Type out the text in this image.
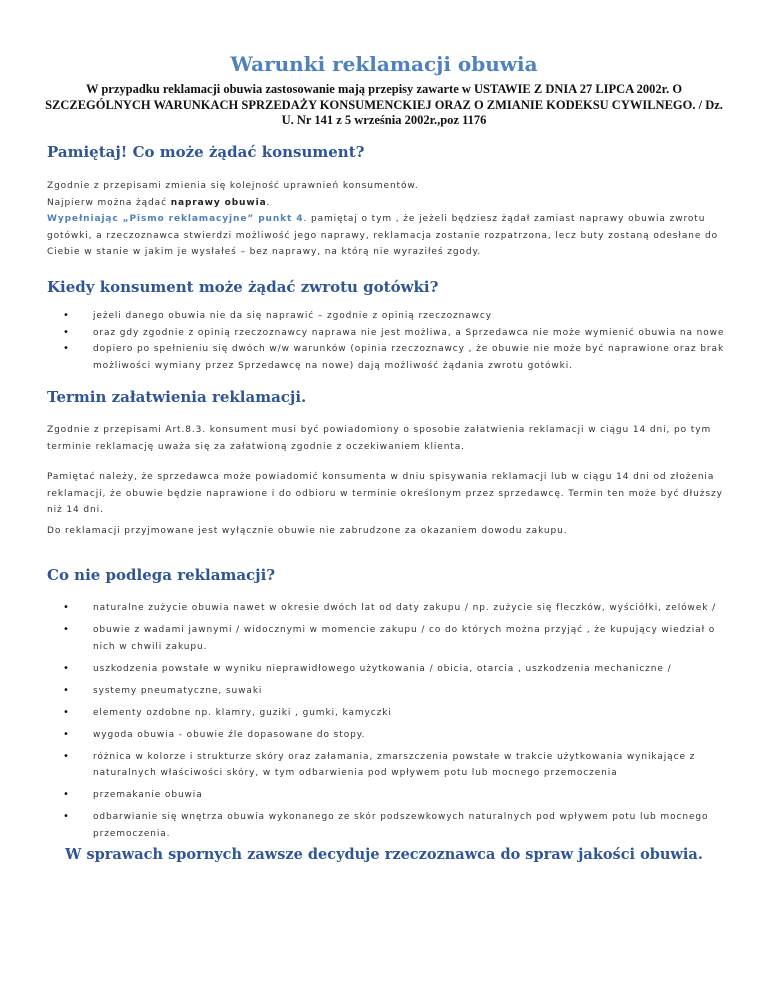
Warunki reklamacji obuwia
W przypadku reklamacji obuwia zastosowanie mają przepisy zawarte w USTAWIE Z DNIA 27 LIPCA 2002r. O SZCZEGÓLNYCH WARUNKACH SPRZEDAŻY KONSUMENCKIEJ ORAZ O ZMIANIE KODEKSU CYWILNEGO. / Dz. U. Nr 141 z 5 września 2002r.,poz 1176
Pamiętaj! Co może żądać konsument?
Zgodnie z przepisami zmienia się kolejność uprawnień konsumentów.
Najpierw można żądać naprawy obuwia.
Wypełniając „Pismo reklamacyjne” punkt 4. pamiętaj o tym , że jeżeli będziesz żądał zamiast naprawy obuwia zwrotu gotówki, a rzeczoznawca stwierdzi możliwość jego naprawy, reklamacja zostanie rozpatrzona, lecz buty zostaną odesłane do Ciebie w stanie w jakim je wysłałeś – bez naprawy, na którą nie wyraziłeś zgody.
Kiedy konsument może żądać zwrotu gotówki?
• jeżeli danego obuwia nie da się naprawić – zgodnie z opinią rzeczoznawcy
• oraz gdy zgodnie z opinią rzeczoznawcy naprawa nie jest możliwa, a Sprzedawca nie może wymienić obuwia na nowe
• dopiero po spełnieniu się dwóch w/w warunków (opinia rzeczoznawcy , że obuwie nie może być naprawione oraz brak możliwości wymiany przez Sprzedawcę na nowe) dają możliwość żądania zwrotu gotówki.
Termin załatwienia reklamacji.

Zgodnie z przepisami Art.8.3. konsument musi być powiadomiony o sposobie załatwienia reklamacji w ciągu 14 dni, po tym terminie reklamację uważa się za załatwioną zgodnie z oczekiwaniem klienta.

Pamiętać należy, że sprzedawca może powiadomić konsumenta w dniu spisywania reklamacji lub w ciągu 14 dni od złożenia reklamacji, że obuwie będzie naprawione i do odbioru w terminie określonym przez sprzedawcę. Termin ten może być dłuższy niż 14 dni.

Do reklamacji przyjmowane jest wyłącznie obuwie nie zabrudzone za okazaniem dowodu zakupu.

Co nie podlega reklamacji?
• naturalne zużycie obuwia nawet w okresie dwóch lat od daty zakupu / np. zużycie się fleczków, wyściółki, zelówek /
• obuwie z wadami jawnymi / widocznymi w momencie zakupu / co do których można przyjąć , że kupujący wiedział o nich w chwili zakupu.
• uszkodzenia powstałe w wyniku nieprawidłowego użytkowania / obicia, otarcia , uszkodzenia mechaniczne /
• systemy pneumatyczne, suwaki
• elementy ozdobne np. klamry, guziki , gumki, kamyczki
• wygoda obuwia - obuwie źle dopasowane do stopy.
• różnica w kolorze i strukturze skóry oraz załamania, zmarszczenia powstałe w trakcie użytkowania wynikające z naturalnych właściwości skóry, w tym odbarwienia pod wpływem potu lub mocnego przemoczenia
• przemakanie obuwia
• odbarwianie się wnętrza obuwia wykonanego ze skór podszewkowych naturalnych pod wpływem potu lub mocnego przemoczenia.
W sprawach spornych zawsze decyduje rzeczoznawca do spraw jakości obuwia.
